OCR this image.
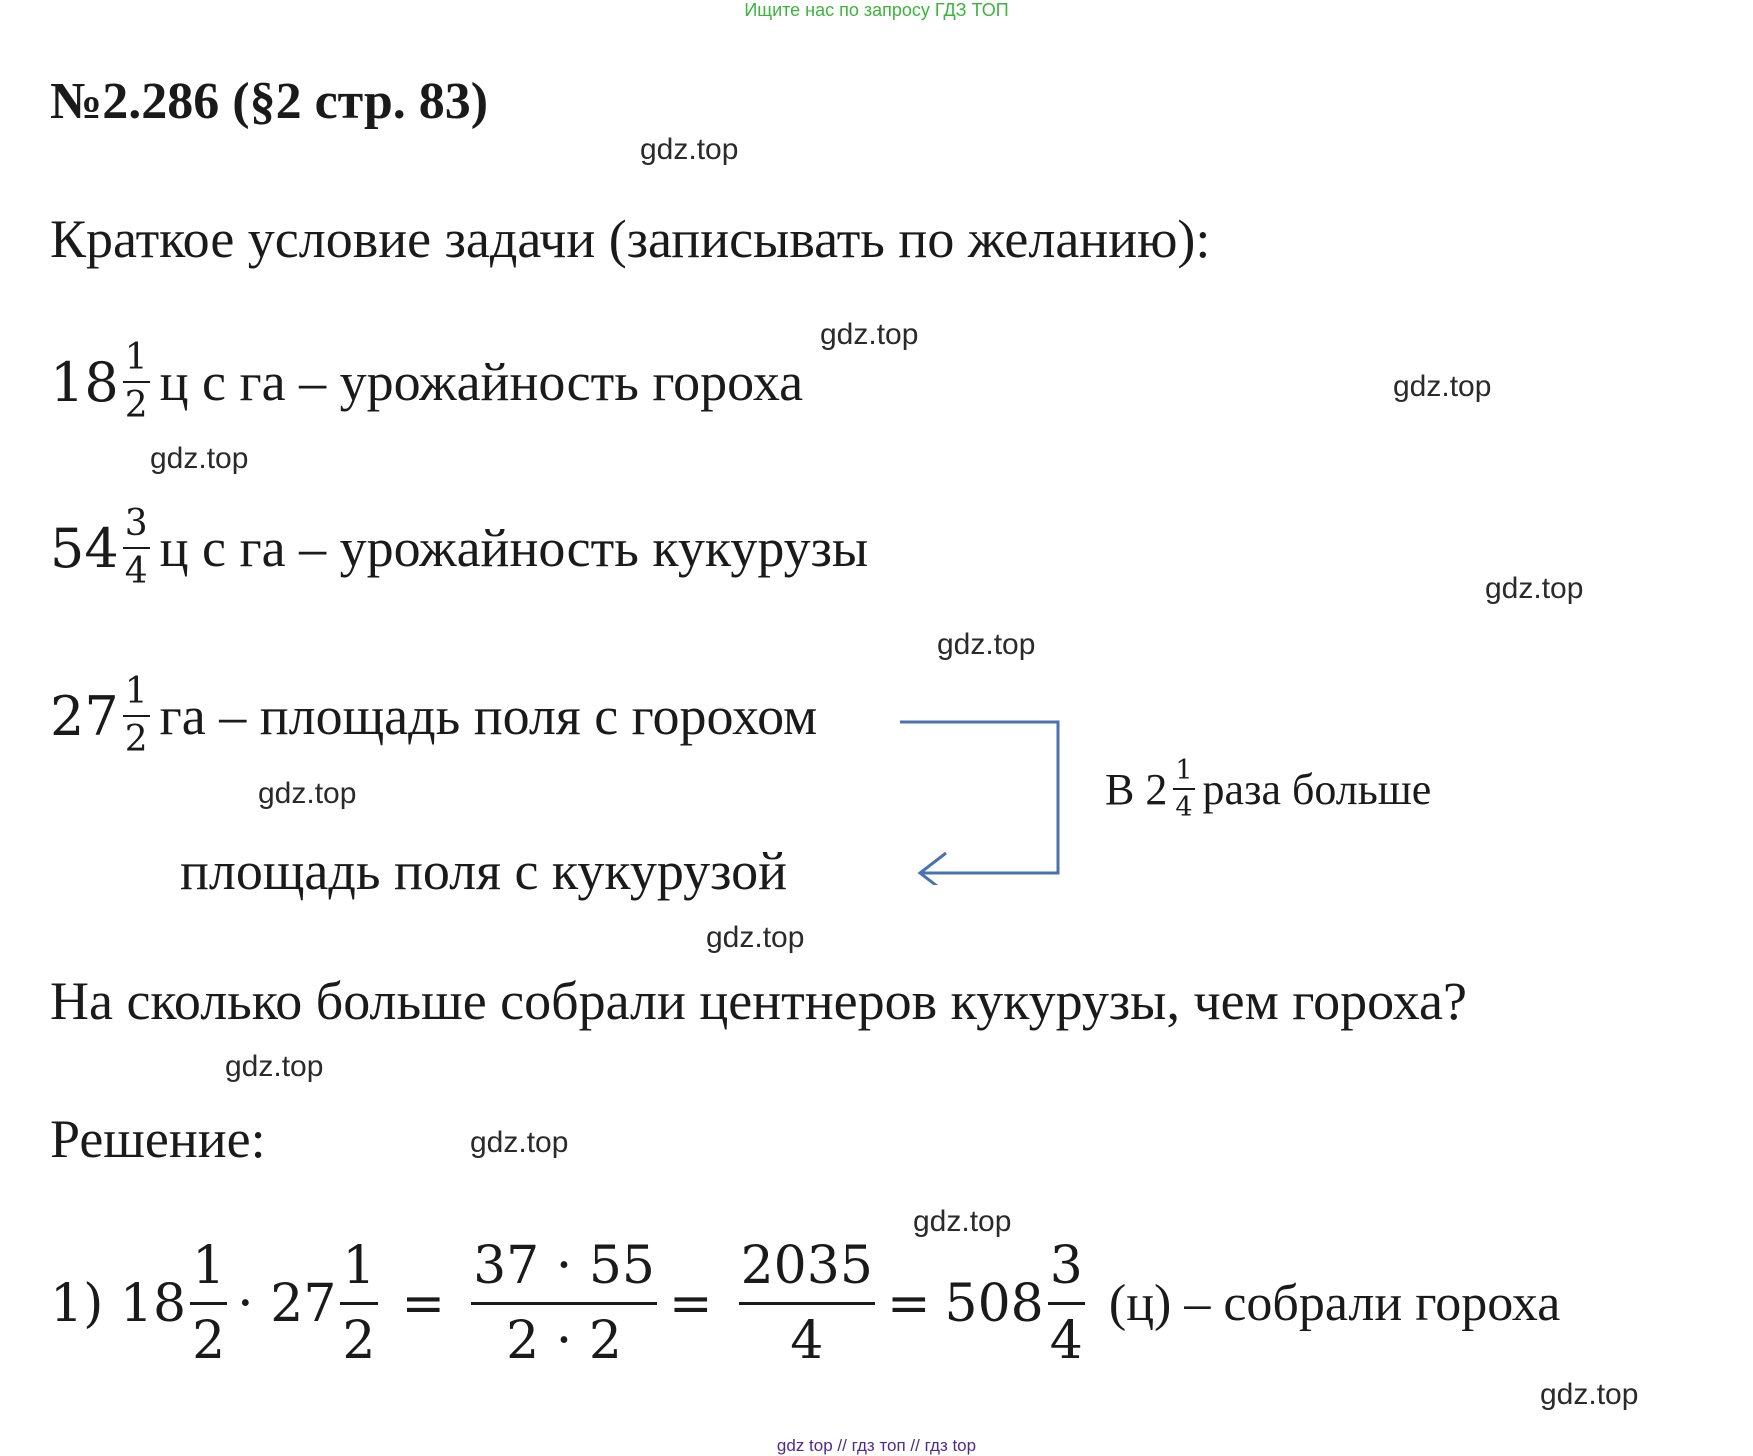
Ищите нас по запросу ГДЗ ТОП
№2.286 (§2 стр. 83)
gdz.top
Краткое условие задачи (записывать по желанию):
gdz.top
gdz.top
$18 \frac{1}{2}$ ц с га – урожайность гороха
gdz.top
$54 \frac{3}{4}$ ц с га – урожайность кукурузы
gdz.top
gdz.top
$27 \frac{1}{2}$ га – площадь поля с горохом
В $2 \frac{1}{4}$ раза больше
gdz.top
площадь поля с кукурузой
gdz.top
На сколько больше собрали центнеров кукурузы, чем гороха?
gdz.top
Решение:	gdz.top
gdz.top
1) $18 \frac{1}{2} \cdot 27 \frac{1}{2} = \frac{37 \cdot 55}{2 \cdot 2} = \frac{2035}{4} = 508 \frac{3}{4} (ц)$ – собрали гороха
gdz.top
gdz top // гдз топ // гдз top
